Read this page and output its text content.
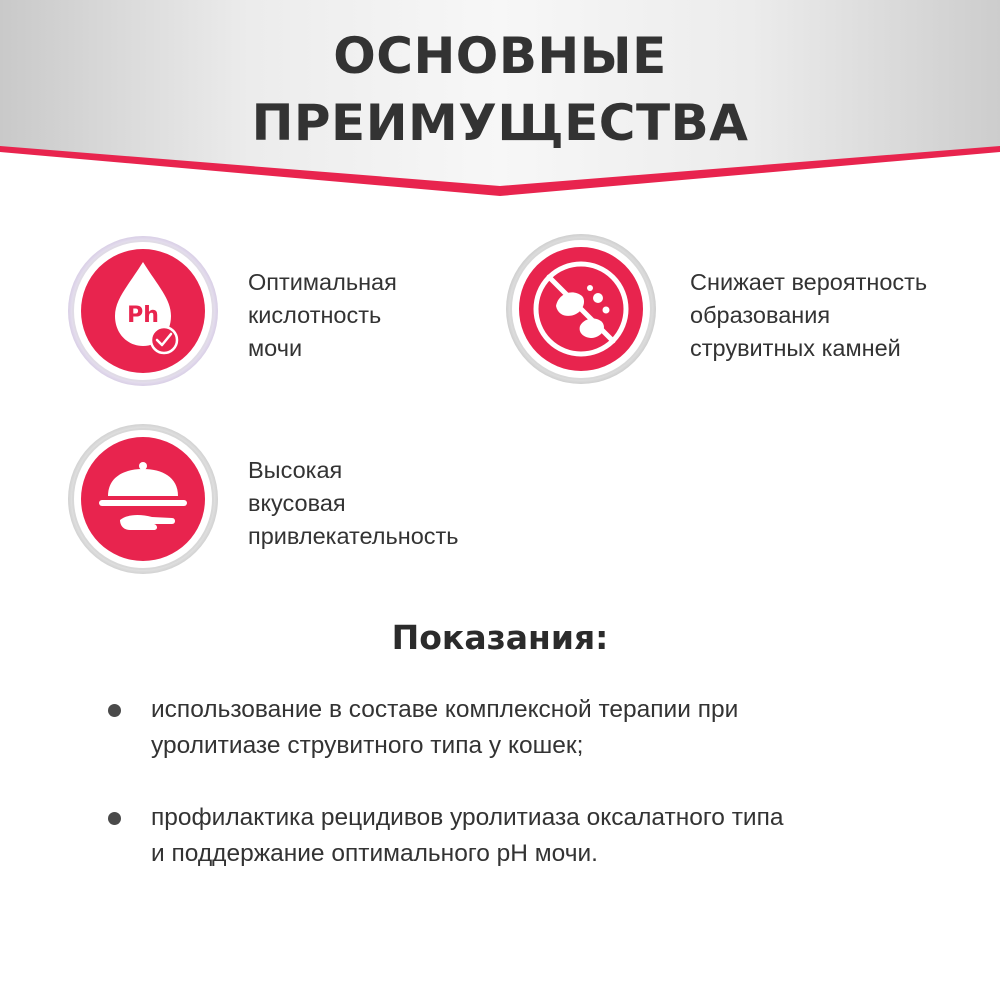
ОСНОВНЫЕ
ПРЕИМУЩЕСТВА
Ph
Оптимальная
кислотность
мочи
Снижает вероятность
образования
струвитных камней
Высокая
вкусовая
привлекательность
Показания:
использование в составе комплексной терапии при
уролитиазе струвитного типа у кошек;
профилактика рецидивов уролитиаза оксалатного типа
и поддержание оптимального рН мочи.
